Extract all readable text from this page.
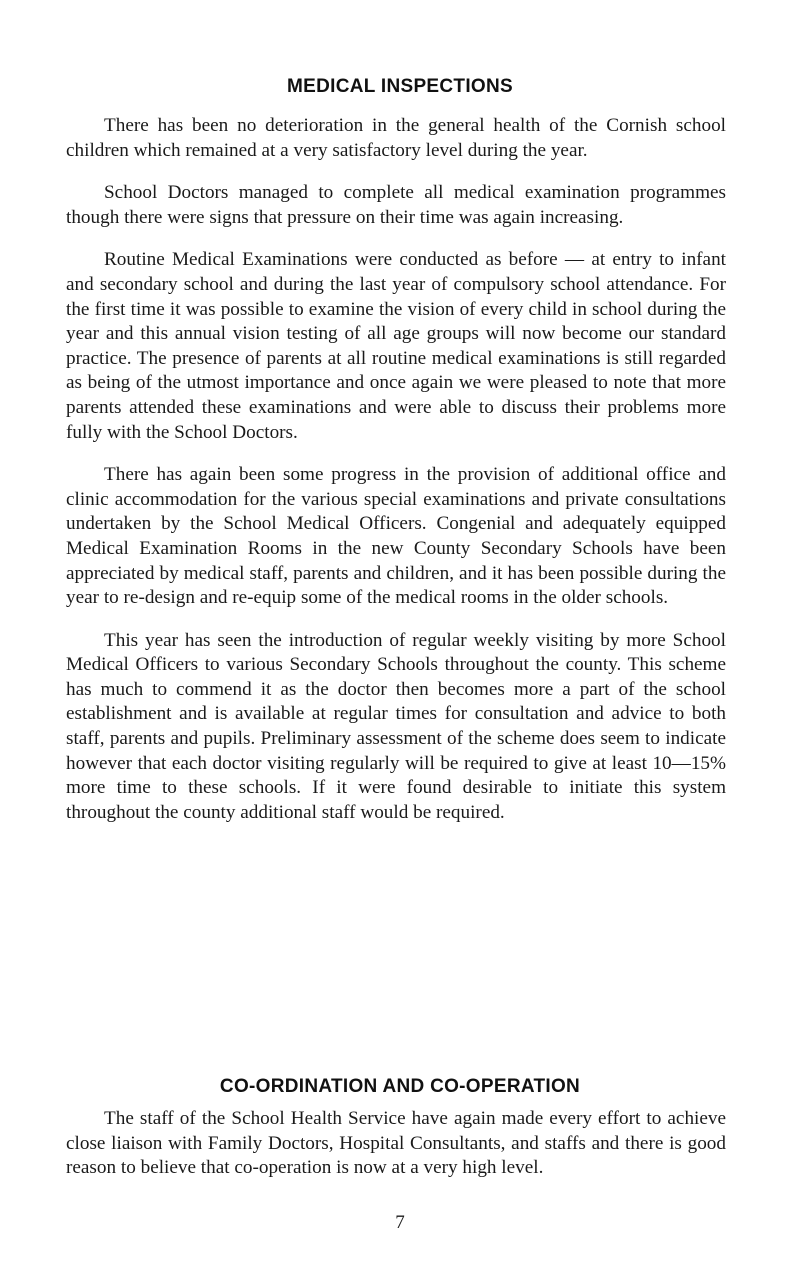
MEDICAL INSPECTIONS

There has been no deterioration in the general health of the Cornish school children which remained at a very satisfactory level during the year.

School Doctors managed to complete all medical examination programmes though there were signs that pressure on their time was again increasing.

Routine Medical Examinations were conducted as before — at entry to infant and secondary school and during the last year of compulsory school attendance. For the first time it was possible to examine the vision of every child in school during the year and this annual vision testing of all age groups will now become our standard practice. The presence of parents at all routine medical examinations is still regarded as being of the utmost importance and once again we were pleased to note that more parents attended these examinations and were able to discuss their problems more fully with the School Doctors.

There has again been some progress in the provision of additional office and clinic accommodation for the various special examinations and private consultations undertaken by the School Medical Officers. Congenial and adequately equipped Medical Examination Rooms in the new County Secondary Schools have been appreciated by medical staff, parents and children, and it has been possible during the year to re-design and re-equip some of the medical rooms in the older schools.

This year has seen the introduction of regular weekly visiting by more School Medical Officers to various Secondary Schools throughout the county. This scheme has much to commend it as the doctor then becomes more a part of the school establishment and is available at regular times for consultation and advice to both staff, parents and pupils. Preliminary assessment of the scheme does seem to indicate however that each doctor visiting regularly will be required to give at least 10—15% more time to these schools. If it were found desirable to initiate this system throughout the county additional staff would be required.

CO-ORDINATION AND CO-OPERATION

The staff of the School Health Service have again made every effort to achieve close liaison with Family Doctors, Hospital Consultants, and staffs and there is good reason to believe that co-operation is now at a very high level.

7
